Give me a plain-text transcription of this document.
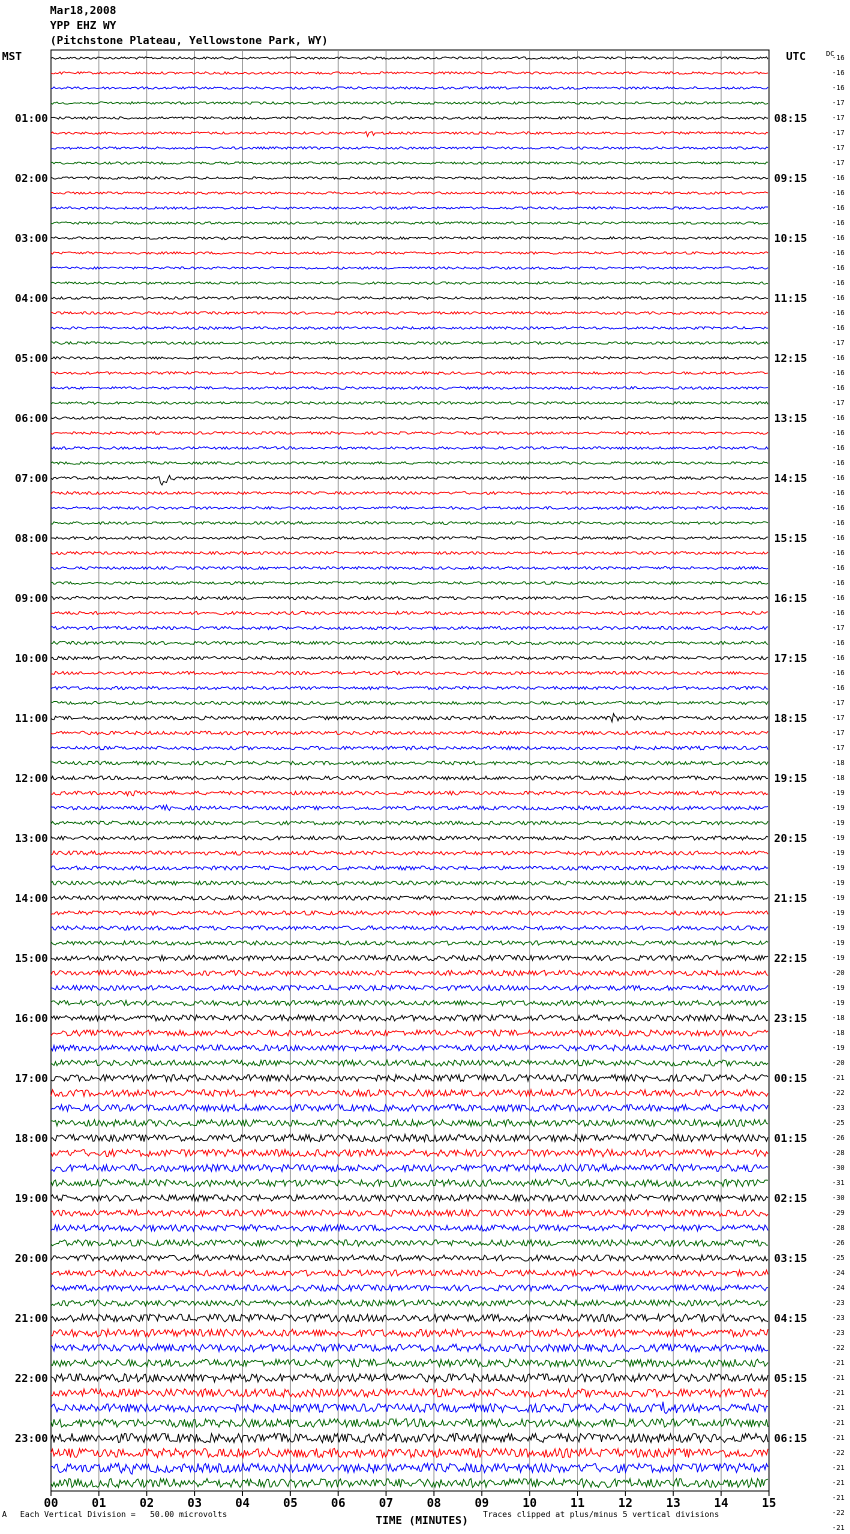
Mar18,2008
YPP EHZ WY
(Pitchstone Plateau, Yellowstone Park, WY)
MST	UTC
A Each Vertical Division =   50.00 microvolts	Traces clipped at plus/minus 5 vertical divisions
00	01	02	03	04	05	06	07	08	09	10	11	12	13	14	15
01:00
02:00
03:00
04:00
05:00
06:00
07:00
08:00
09:00
10:00
11:00
12:00
13:00
14:00
15:00
16:00
17:00
18:00
19:00
20:00
21:00
22:00
23:00
08:15
09:15
10:15
11:15
12:15
13:15
14:15
15:15
16:15
17:15
18:15
19:15
20:15
21:15
22:15
23:15
00:15
01:15
02:15
03:15
04:15
05:15
06:15
-16
-16
-16
-17
-17
-17
-17
-17
-16
-16
-16
-16
-16
-16
-16
-16
-16
-16
-16
-17
-16
-16
-16
-17
-16
-16
-16
-16
-16
-16
-16
-16
-16
-16
-16
-16
-16
-16
-17
-16
-16
-16
-16
-17
-17
-17
-17
-18
-18
-19
-19
-19
-19
-19
-19
-19
-19
-19
-19
-19
-19
-20
-19
-19
-18
-18
-19
-20
-21
-22
-23
-25
-26
-28
-30
-31
-30
-29
-28
-26
-25
-24
-24
-23
-23
-23
-22
-21
-21
-21
-21
-21
-21
-22
-21
-21
-21
-22
-21
TIME (MINUTES)
DC
